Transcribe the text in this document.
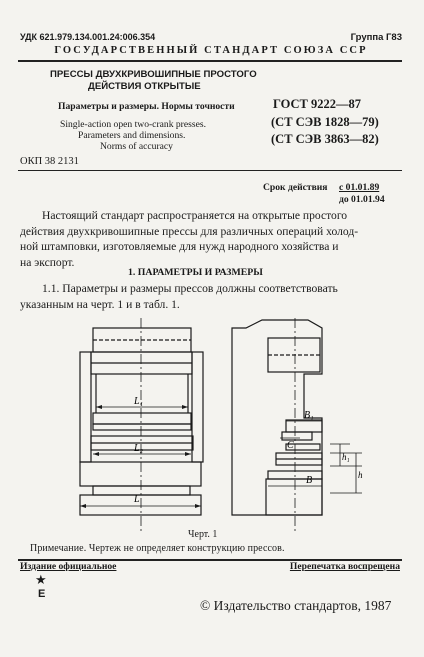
УДК 621.979.134.001.24:006.354	Группа Г83
ГОСУДАРСТВЕННЫЙ СТАНДАРТ СОЮЗА ССР
ПРЕССЫ ДВУХКРИВОШИПНЫЕ ПРОСТОГО
ДЕЙСТВИЯ ОТКРЫТЫЕ
Параметры и размеры. Нормы точности
Single-action open two-crank presses.
Parameters and dimensions.
Norms of accuracy
ГОСТ 9222—87
(СТ СЭВ 1828—79)
(СТ СЭВ 3863—82)
ОКП 38 2131
Срок действия с 01.01.89
до 01.01.94
Настоящий стандарт распространяется на открытые простого
действия двухкривошипные прессы для различных операций холод-
ной штамповки, изготовляемые для нужд народного хозяйства и
на экспорт.
1. ПАРАМЕТРЫ И РАЗМЕРЫ
1.1. Параметры и размеры прессов должны соответствовать
указанным на черт. 1 и в табл. 1.
L₁
L₂
L
B₁
C
B
h₁
h
Черт. 1
Примечание. Чертеж не определяет конструкцию прессов.
Издание официальное
★
E
Перепечатка воспрещена
© Издательство стандартов, 1987
